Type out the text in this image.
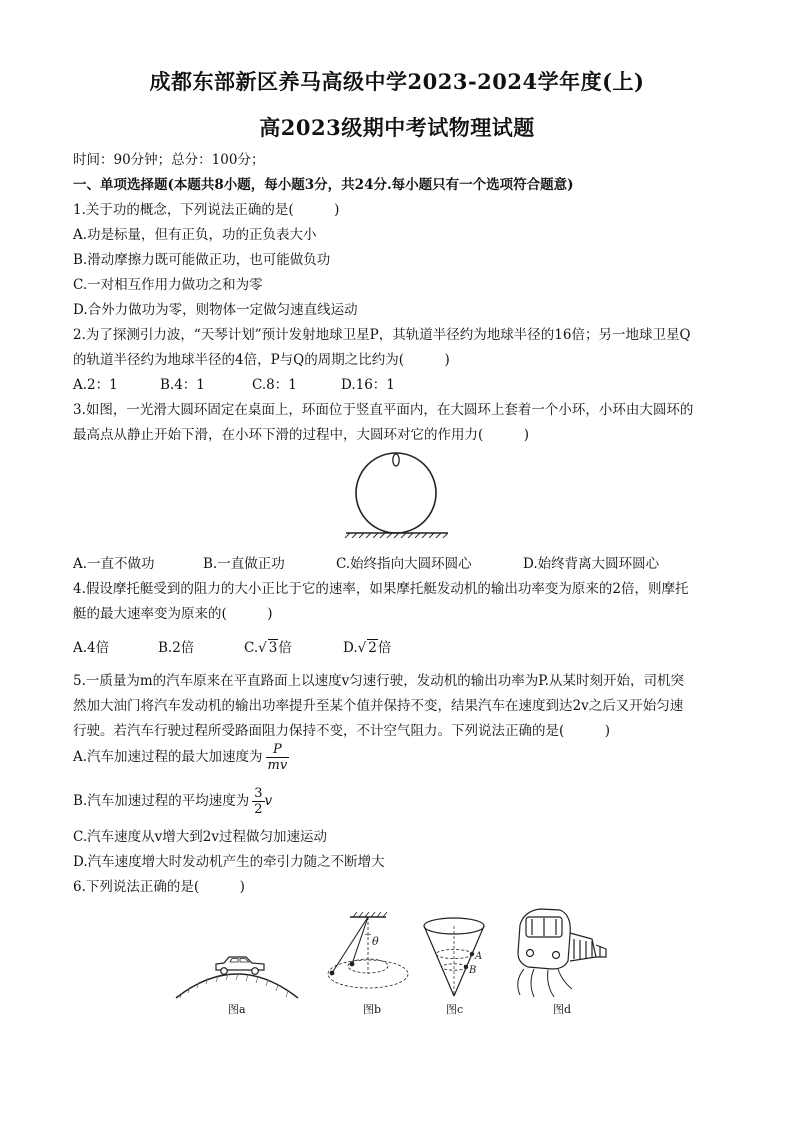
成都东部新区养马高级中学2023-2024学年度(上)
高2023级期中考试物理试题
时间：90分钟；总分：100分；
一、单项选择题(本题共8小题，每小题3分，共24分.每小题只有一个选项符合题意)
1.关于功的概念，下列说法正确的是(　　　)
A.功是标量，但有正负，功的正负表大小
B.滑动摩擦力既可能做正功，也可能做负功
C.一对相互作用力做功之和为零
D.合外力做功为零，则物体一定做匀速直线运动
2.为了探测引力波，“天琴计划”预计发射地球卫星P，其轨道半径约为地球半径的16倍；另一地球卫星Q
的轨道半径约为地球半径的4倍，P与Q的周期之比约为(　　　)
A.2：1	B.4：1	C.8：1	D.16：1
3.如图，一光滑大圆环固定在桌面上，环面位于竖直平面内，在大圆环上套着一个小环，小环由大圆环的
最高点从静止开始下滑，在小环下滑的过程中，大圆环对它的作用力(　　　)
A.一直不做功	B.一直做正功	C.始终指向大圆环圆心	D.始终背离大圆环圆心
4.假设摩托艇受到的阻力的大小正比于它的速率，如果摩托艇发动机的输出功率变为原来的2倍，则摩托
艇的最大速率变为原来的(　　　)
A.4倍	B.2倍	C.√ 3倍	D.√ 2倍
5.一质量为m的汽车原来在平直路面上以速度v匀速行驶，发动机的输出功率为P.从某时刻开始，司机突
然加大油门将汽车发动机的输出功率提升至某个值并保持不变，结果汽车在速度到达2v之后又开始匀速
行驶。若汽车行驶过程所受路面阻力保持不变，不计空气阻力。下列说法正确的是(　　　)
A.汽车加速过程的最大加速度为 $\frac{P}{mv}$
B.汽车加速过程的平均速度为 $\frac{3}{2}$ v
C.汽车速度从v增大到2v过程做匀加速运动
D.汽车速度增大时发动机产生的牵引力随之不断增大
6.下列说法正确的是(　　　)
图a
θ
图b
A
B
图c	图d
